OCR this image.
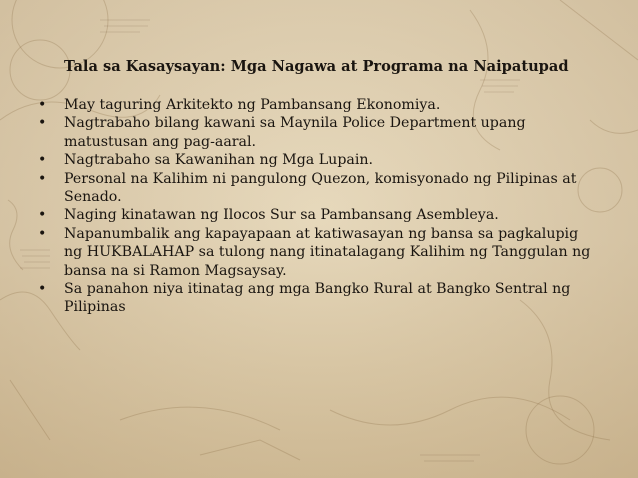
Tala sa Kasaysayan: Mga Nagawa at Programa na Naipatupad
• May taguring Arkitekto ng Pambansang Ekonomiya.
• Nagtrabaho bilang kawani sa Maynila Police Department upang matustusan ang pag-aaral.
• Nagtrabaho sa Kawanihan ng Mga Lupain.
• Personal na Kalihim ni pangulong Quezon, komisyonado ng Pilipinas at Senado.
• Naging kinatawan ng Ilocos Sur sa Pambansang Asembleya.
• Napanumbalik ang kapayapaan at katiwasayan ng bansa sa pagkalupig ng HUKBALAHAP sa tulong nang itinatalagang Kalihim ng Tanggulan ng bansa na si Ramon Magsaysay.
• Sa panahon niya itinatag ang mga Bangko Rural at Bangko Sentral ng Pilipinas
